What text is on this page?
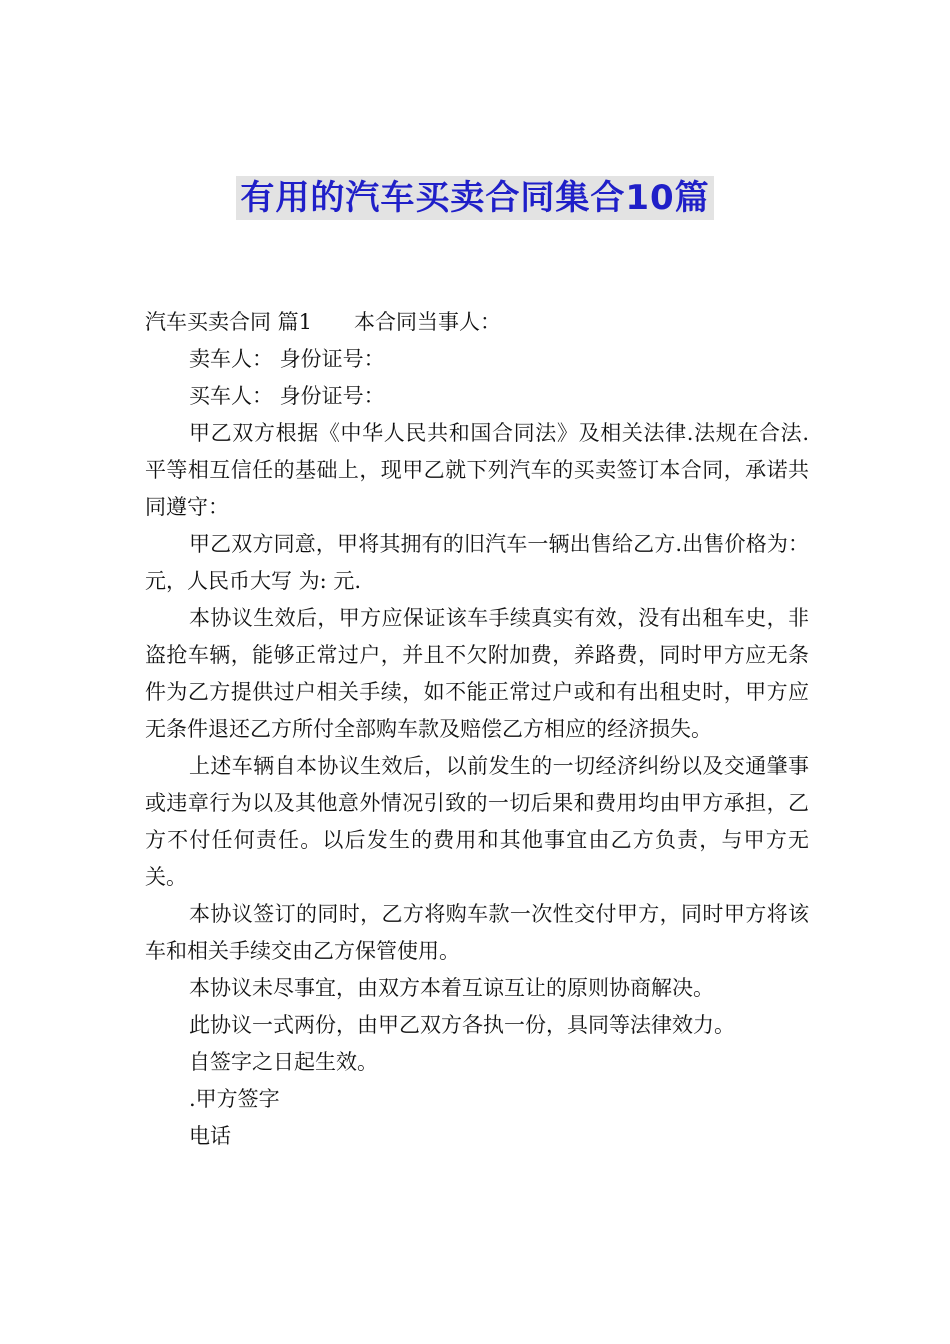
有用的汽车买卖合同集合10篇

汽车买卖合同 篇1 本合同当事人：

卖车人： 身份证号：

买车人： 身份证号：

甲乙双方根据《中华人民共和国合同法》及相关法律.法规在合法.平等相互信任的基础上，现甲乙就下列汽车的买卖签订本合同，承诺共同遵守：

甲乙双方同意，甲将其拥有的旧汽车一辆出售给乙方.出售价格为： 元，人民币大写 为: 元.

本协议生效后，甲方应保证该车手续真实有效，没有出租车史，非盗抢车辆，能够正常过户，并且不欠附加费，养路费，同时甲方应无条件为乙方提供过户相关手续，如不能正常过户或和有出租史时，甲方应无条件退还乙方所付全部购车款及赔偿乙方相应的经济损失。

上述车辆自本协议生效后，以前发生的一切经济纠纷以及交通肇事或违章行为以及其他意外情况引致的一切后果和费用均由甲方承担，乙方不付任何责任。以后发生的费用和其他事宜由乙方负责，与甲方无关。

本协议签订的同时，乙方将购车款一次性交付甲方，同时甲方将该车和相关手续交由乙方保管使用。

本协议未尽事宜，由双方本着互谅互让的原则协商解决。

此协议一式两份，由甲乙双方各执一份，具同等法律效力。

自签字之日起生效。

.甲方签字

电话
